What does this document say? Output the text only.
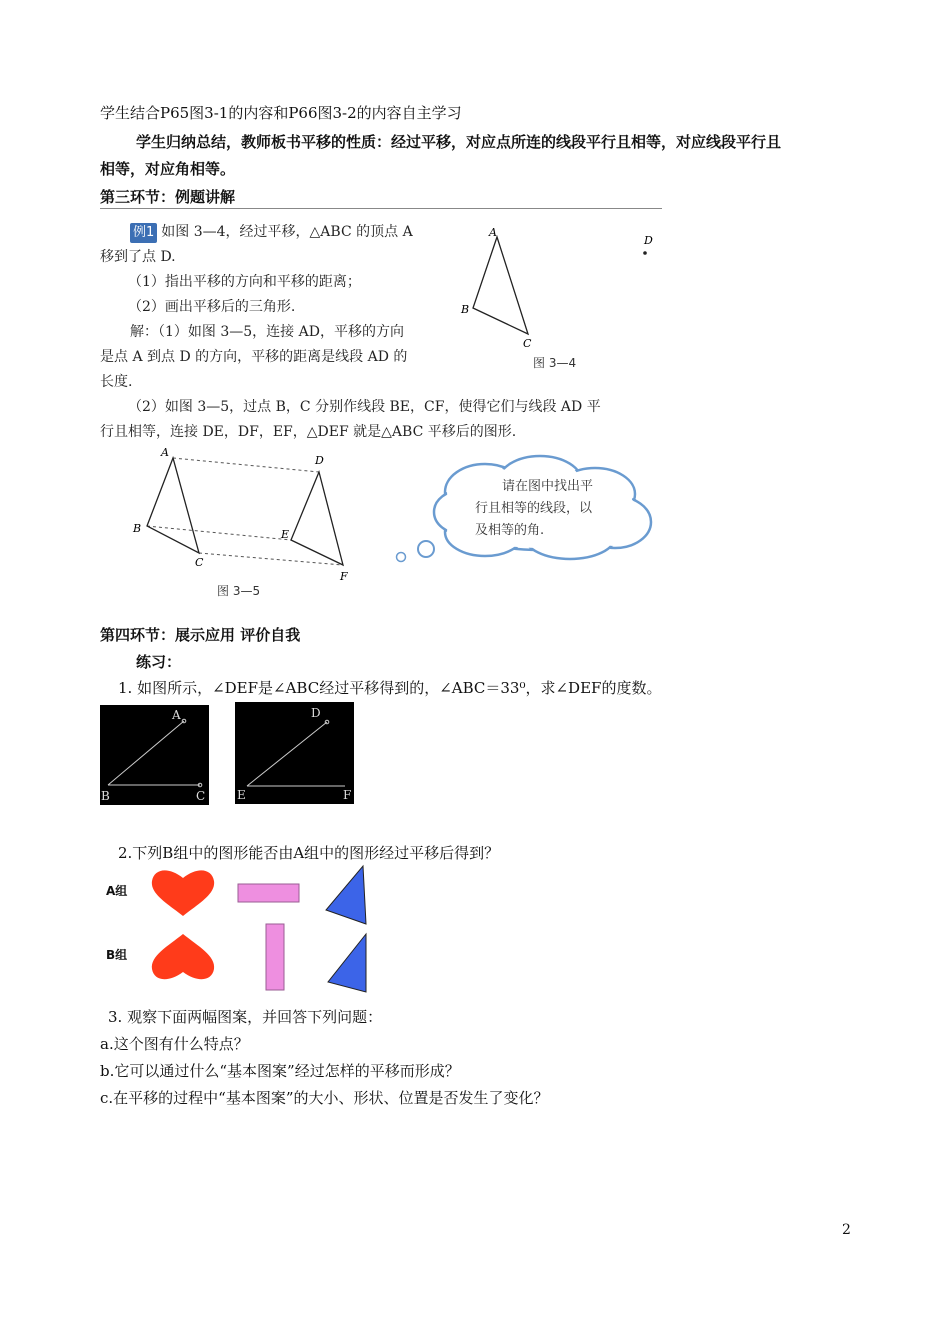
学生结合P65图3-1的内容和P66图3-2的内容自主学习
学生归纳总结，教师板书平移的性质：经过平移，对应点所连的线段平行且相等，对应线段平行且
相等，对应角相等。
第三环节：例题讲解
例1 如图 3—4，经过平移，△ABC 的顶点 A
移到了点 D.
（1）指出平移的方向和平移的距离；
（2）画出平移后的三角形.
解：（1）如图 3—5，连接 AD，平移的方向
是点 A 到点 D 的方向，平移的距离是线段 AD 的
长度.
（2）如图 3—5，过点 B，C 分别作线段 BE，CF，使得它们与线段 AD 平
行且相等，连接 DE，DF，EF，△DEF 就是△ABC 平移后的图形.
A
B
C
D
图 3—4
A
B
C
D
E
F
图 3—5
请在图中找出平
行且相等的线段，以
及相等的角.
第四环节：展示应用 评价自我
练习：
1. 如图所示，∠DEF是∠ABC经过平移得到的，∠ABC＝33⁰，求∠DEF的度数。
A
B	C
D
E	F
2.下列B组中的图形能否由A组中的图形经过平移后得到？
A组
B组
3. 观察下面两幅图案，并回答下列问题：
a.这个图有什么特点？
b.它可以通过什么“基本图案”经过怎样的平移而形成？
c.在平移的过程中“基本图案”的大小、形状、位置是否发生了变化？
2
